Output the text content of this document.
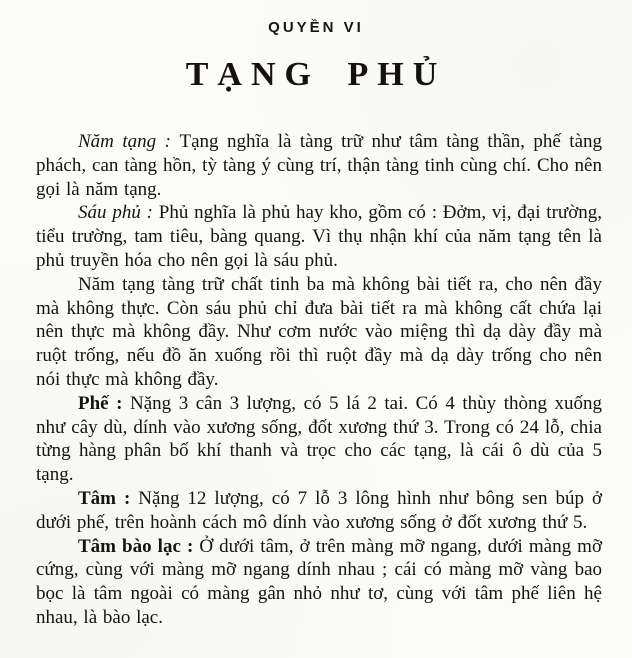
QUYỀN VI
TẠNG PHỦ

Năm tạng : Tạng nghĩa là tàng trữ như tâm tàng thần, phế tàng phách, can tàng hồn, tỳ tàng ý cùng trí, thận tàng tinh cùng chí. Cho nên gọi là năm tạng.

Sáu phủ : Phủ nghĩa là phủ hay kho, gồm có : Đởm, vị, đại trường, tiểu trường, tam tiêu, bàng quang. Vì thụ nhận khí của năm tạng tên là phủ truyền hóa cho nên gọi là sáu phủ.

Năm tạng tàng trữ chất tinh ba mà không bài tiết ra, cho nên đầy mà không thực. Còn sáu phủ chỉ đưa bài tiết ra mà không cất chứa lại nên thực mà không đầy. Như cơm nước vào miệng thì dạ dày đầy mà ruột trống, nếu đồ ăn xuống rồi thì ruột đầy mà dạ dày trống cho nên nói thực mà không đầy.

Phế : Nặng 3 cân 3 lượng, có 5 lá 2 tai. Có 4 thùy thòng xuống như cây dù, dính vào xương sống, đốt xương thứ 3. Trong có 24 lỗ, chia từng hàng phân bố khí thanh và trọc cho các tạng, là cái ô dù của 5 tạng.

Tâm : Nặng 12 lượng, có 7 lỗ 3 lông hình như bông sen búp ở dưới phế, trên hoành cách mô dính vào xương sống ở đốt xương thứ 5.

Tâm bào lạc : Ở dưới tâm, ở trên màng mỡ ngang, dưới màng mỡ cứng, cùng với màng mỡ ngang dính nhau ; cái có màng mỡ vàng bao bọc là tâm ngoài có màng gân nhỏ như tơ, cùng với tâm phế liên hệ nhau, là bào lạc.
